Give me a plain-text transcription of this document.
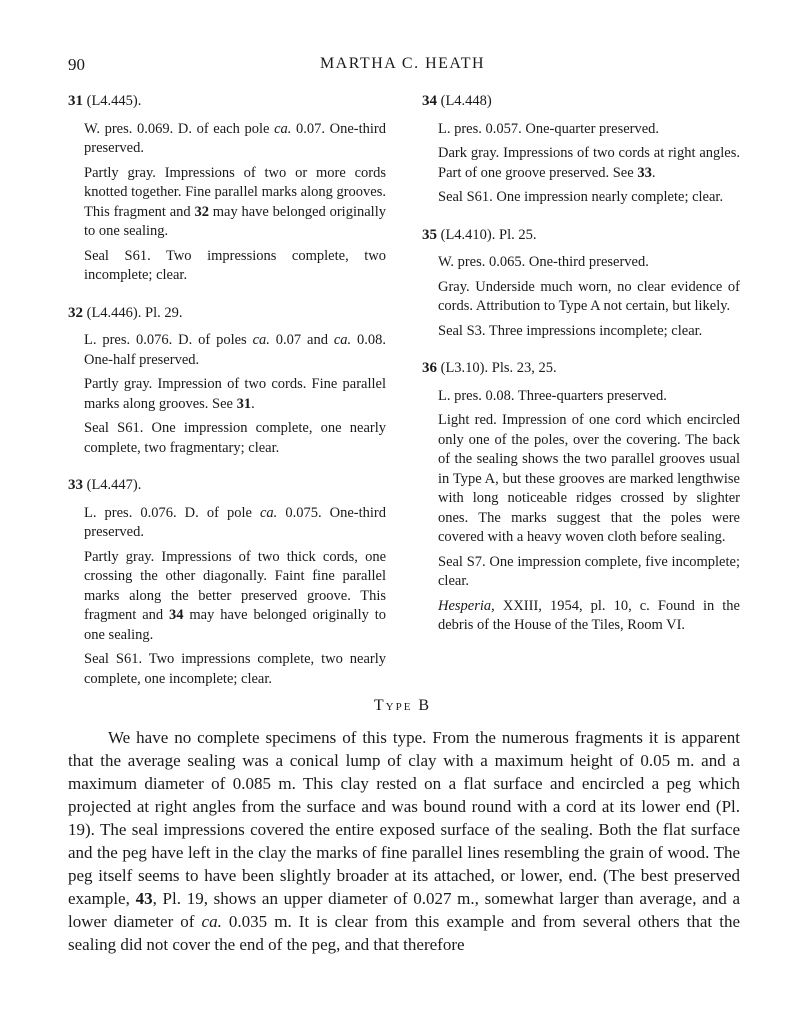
90	MARTHA C. HEATH
31 (L4.445).

W. pres. 0.069. D. of each pole ca. 0.07. One-third preserved.

Partly gray. Impressions of two or more cords knotted together. Fine parallel marks along grooves. This fragment and 32 may have belonged originally to one sealing.

Seal S61. Two impressions complete, two incomplete; clear.

32 (L4.446). Pl. 29.

L. pres. 0.076. D. of poles ca. 0.07 and ca. 0.08. One-half preserved.

Partly gray. Impression of two cords. Fine parallel marks along grooves. See 31.

Seal S61. One impression complete, one nearly complete, two fragmentary; clear.

33 (L4.447).

L. pres. 0.076. D. of pole ca. 0.075. One-third preserved.

Partly gray. Impressions of two thick cords, one crossing the other diagonally. Faint fine parallel marks along the better preserved groove. This fragment and 34 may have belonged originally to one sealing.

Seal S61. Two impressions complete, two nearly complete, one incomplete; clear.

34 (L4.448)

L. pres. 0.057. One-quarter preserved.

Dark gray. Impressions of two cords at right angles. Part of one groove preserved. See 33.

Seal S61. One impression nearly complete; clear.

35 (L4.410). Pl. 25.

W. pres. 0.065. One-third preserved.

Gray. Underside much worn, no clear evidence of cords. Attribution to Type A not certain, but likely.

Seal S3. Three impressions incomplete; clear.

36 (L3.10). Pls. 23, 25.

L. pres. 0.08. Three-quarters preserved.

Light red. Impression of one cord which encircled only one of the poles, over the covering. The back of the sealing shows the two parallel grooves usual in Type A, but these grooves are marked lengthwise with long noticeable ridges crossed by slighter ones. The marks suggest that the poles were covered with a heavy woven cloth before sealing.

Seal S7. One impression complete, five incomplete; clear.

Hesperia, XXIII, 1954, pl. 10, c. Found in the debris of the House of the Tiles, Room VI.

Type B

We have no complete specimens of this type. From the numerous fragments it is apparent that the average sealing was a conical lump of clay with a maximum height of 0.05 m. and a maximum diameter of 0.085 m. This clay rested on a flat surface and encircled a peg which projected at right angles from the surface and was bound round with a cord at its lower end (Pl. 19). The seal impressions covered the entire exposed surface of the sealing. Both the flat surface and the peg have left in the clay the marks of fine parallel lines resembling the grain of wood. The peg itself seems to have been slightly broader at its attached, or lower, end. (The best preserved example, 43, Pl. 19, shows an upper diameter of 0.027 m., somewhat larger than average, and a lower diameter of ca. 0.035 m. It is clear from this example and from several others that the sealing did not cover the end of the peg, and that therefore
